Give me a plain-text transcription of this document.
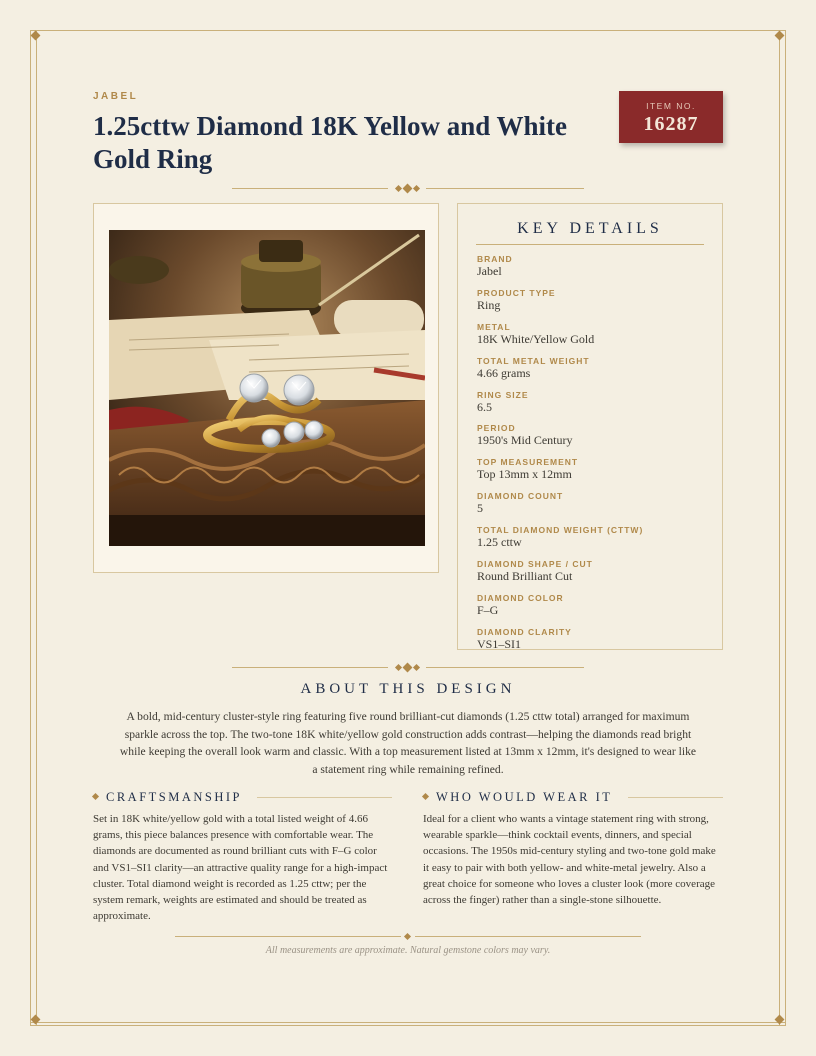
JABEL
1.25cttw Diamond 18K Yellow and White Gold Ring
ITEM NO.
16287
KEY DETAILS
BRAND
Jabel
PRODUCT TYPE
Ring
METAL
18K White/Yellow Gold
TOTAL METAL WEIGHT
4.66 grams
RING SIZE
6.5
PERIOD
1950's Mid Century
TOP MEASUREMENT
Top 13mm x 12mm
DIAMOND COUNT
5
TOTAL DIAMOND WEIGHT (CTTW)
1.25 cttw
DIAMOND SHAPE / CUT
Round Brilliant Cut
DIAMOND COLOR
F–G
DIAMOND CLARITY
VS1–SI1
ABOUT THIS DESIGN

A bold, mid-century cluster-style ring featuring five round brilliant-cut diamonds (1.25 cttw total) arranged for maximum sparkle across the top. The two-tone 18K white/yellow gold construction adds contrast—helping the diamonds read bright while keeping the overall look warm and classic. With a top measurement listed at 13mm x 12mm, it's designed to wear like a statement ring while remaining refined.

CRAFTSMANSHIP

Set in 18K white/yellow gold with a total listed weight of 4.66 grams, this piece balances presence with comfortable wear. The diamonds are documented as round brilliant cuts with F–G color and VS1–SI1 clarity—an attractive quality range for a high-impact cluster. Total diamond weight is recorded as 1.25 cttw; per the system remark, weights are estimated and should be treated as approximate.

WHO WOULD WEAR IT

Ideal for a client who wants a vintage statement ring with strong, wearable sparkle—think cocktail events, dinners, and special occasions. The 1950s mid-century styling and two-tone gold make it easy to pair with both yellow- and white-metal jewelry. Also a great choice for someone who loves a cluster look (more coverage across the finger) rather than a single-stone silhouette.

All measurements are approximate. Natural gemstone colors may vary.
